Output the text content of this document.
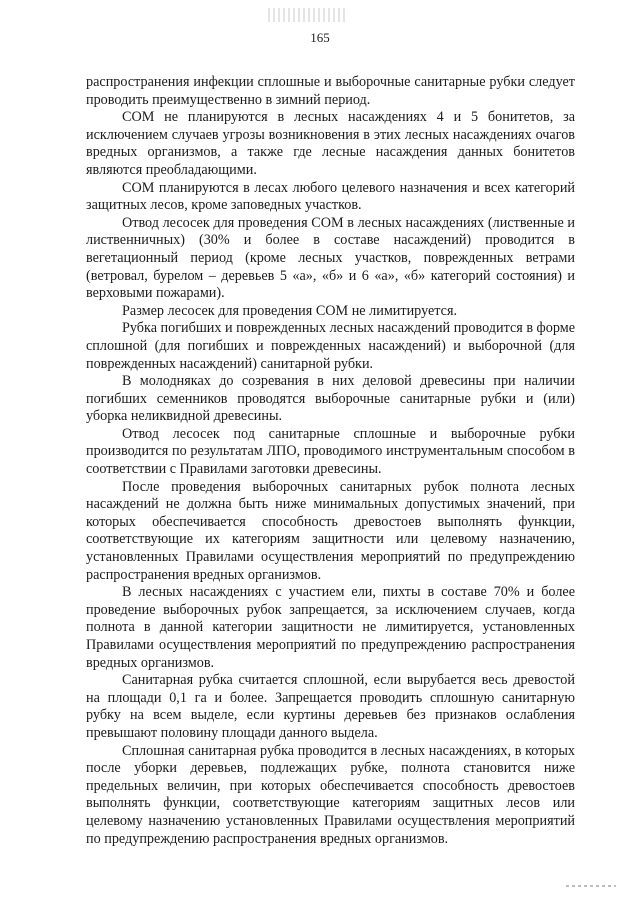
165

распространения инфекции сплошные и выборочные санитарные рубки следует проводить преимущественно в зимний период.

СОМ не планируются в лесных насаждениях 4 и 5 бонитетов, за исключением случаев угрозы возникновения в этих лесных насаждениях очагов вредных организмов, а также где лесные насаждения данных бонитетов являются преобладающими.

СОМ планируются в лесах любого целевого назначения и всех категорий защитных лесов, кроме заповедных участков.

Отвод лесосек для проведения СОМ в лесных насаждениях (лиственные и лиственничных) (30% и более в составе насаждений) проводится в вегетационный период (кроме лесных участков, поврежденных ветрами (ветровал, бурелом – деревьев 5 «а», «б» и 6 «а», «б» категорий состояния) и верховыми пожарами).

Размер лесосек для проведения СОМ не лимитируется.

Рубка погибших и поврежденных лесных насаждений проводится в форме сплошной (для погибших и поврежденных насаждений) и выборочной (для поврежденных насаждений) санитарной рубки.

В молодняках до созревания в них деловой древесины при наличии погибших семенников проводятся выборочные санитарные рубки и (или) уборка неликвидной древесины.

Отвод лесосек под санитарные сплошные и выборочные рубки производится по результатам ЛПО, проводимого инструментальным способом в соответствии с Правилами заготовки древесины.

После проведения выборочных санитарных рубок полнота лесных насаждений не должна быть ниже минимальных допустимых значений, при которых обеспечивается способность древостоев выполнять функции, соответствующие их категориям защитности или целевому назначению, установленных Правилами осуществления мероприятий по предупреждению распространения вредных организмов.

В лесных насаждениях с участием ели, пихты в составе 70% и более проведение выборочных рубок запрещается, за исключением случаев, когда полнота в данной категории защитности не лимитируется, установленных Правилами осуществления мероприятий по предупреждению распространения вредных организмов.

Санитарная рубка считается сплошной, если вырубается весь древостой на площади 0,1 га и более. Запрещается проводить сплошную санитарную рубку на всем выделе, если куртины деревьев без признаков ослабления превышают половину площади данного выдела.

Сплошная санитарная рубка проводится в лесных насаждениях, в которых после уборки деревьев, подлежащих рубке, полнота становится ниже предельных величин, при которых обеспечивается способность древостоев выполнять функции, соответствующие категориям защитных лесов или целевому назначению установленных Правилами осуществления мероприятий по предупреждению распространения вредных организмов.
